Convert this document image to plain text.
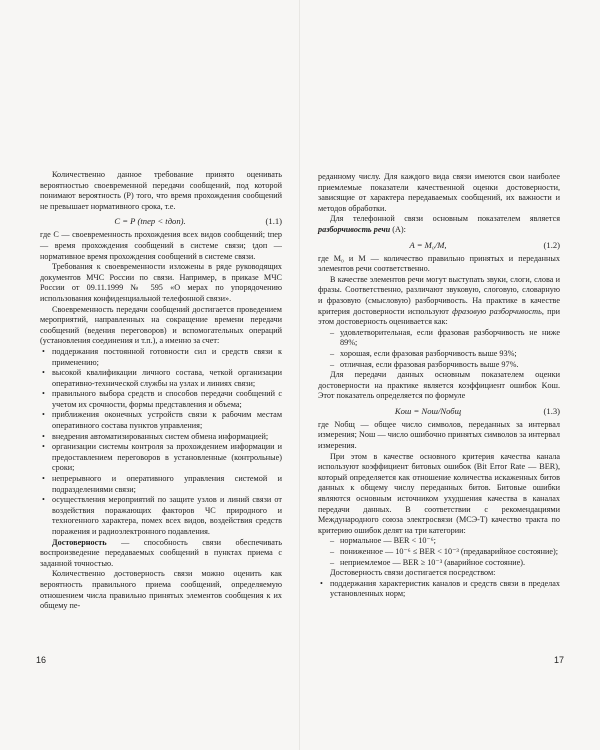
Количественно данное требование принято оценивать вероятностью своевременной передачи сообщений, под которой понимают вероятность (Р) того, что время прохождения сообщений не превышает нормативного срока, т.е.

С = Р (tпер < tдоп).	(1.1)

где С — своевременность прохождения всех видов сообщений; tпер — время прохождения сообщений в системе связи; tдоп — нормативное время прохождения сообщений в системе связи.

Требования к своевременности изложены в ряде руководящих документов МЧС России по связи. Например, в приказе МЧС России от 09.11.1999 № 595 «О мерах по упорядочению использования конфиденциальной телефонной связи».

Своевременность передачи сообщений достигается проведением мероприятий, направленных на сокращение времени передачи сообщений (ведения переговоров) и вспомогательных операций (установления соединения и т.п.), а именно за счет:

• поддержания постоянной готовности сил и средств связи к применению;
• высокой квалификации личного состава, четкой организации оперативно-технической службы на узлах и линиях связи;
• правильного выбора средств и способов передачи сообщений с учетом их срочности, формы представления и объема;
• приближения оконечных устройств связи к рабочим местам оперативного состава пунктов управления;
• внедрения автоматизированных систем обмена информацией;
• организации системы контроля за прохождением информации и предоставлением переговоров в установленные (контрольные) сроки;
• непрерывного и оперативного управления системой и подразделениями связи;
• осуществления мероприятий по защите узлов и линий связи от воздействия поражающих факторов ЧС природного и техногенного характера, помех всех видов, воздействия средств поражения и радиоэлектронного подавления.

Достоверность — способность связи обеспечивать воспроизведение передаваемых сообщений в пунктах приема с заданной точностью.

Количественно достоверность связи можно оценить как вероятность правильного приема сообщений, определяемую отношением числа правильно принятых элементов сообщения к их общему пе-

16

реданному числу. Для каждого вида связи имеются свои наиболее приемлемые показатели качественной оценки достоверности, зависящие от характера передаваемых сообщений, их важности и методов обработки.

Для телефонной связи основным показателем является разборчивость речи (А):

A = M₀/M,	(1.2)

где M₀ и M — количество правильно принятых и переданных элементов речи соответственно.

В качестве элементов речи могут выступать звуки, слоги, слова и фразы. Соответственно, различают звуковую, слоговую, словарную и фразовую (смысловую) разборчивость. На практике в качестве критерия достоверности используют фразовую разборчивость, при этом достоверность оценивается как:

– удовлетворительная, если фразовая разборчивость не ниже 89%;
– хорошая, если фразовая разборчивость выше 93%;
– отличная, если фразовая разборчивость выше 97%.

Для передачи данных основным показателем оценки достоверности на практике является коэффициент ошибок Kош. Этот показатель определяется по формуле

Kош = Nош/Nобщ	(1.3)

где Nобщ — общее число символов, переданных за интервал измерения; Nош — число ошибочно принятых символов за интервал измерения.

При этом в качестве основного критерия качества канала используют коэффициент битовых ошибок (Bit Error Rate — BER), который определяется как отношение количества искаженных битов данных к общему числу переданных битов. Битовые ошибки являются основным источником ухудшения качества в каналах передачи данных. В соответствии с рекомендациями Международного союза электросвязи (МСЭ-Т) качество тракта по критерию ошибок делят на три категории:

– нормальное — BER < 10⁻⁶;
– пониженное — 10⁻⁶ ≤ BER < 10⁻³ (предаварийное состояние);
– неприемлемое — BER ≥ 10⁻³ (аварийное состояние).

Достоверность связи достигается посредством:

• поддержания характеристик каналов и средств связи в пределах установленных норм;
17
